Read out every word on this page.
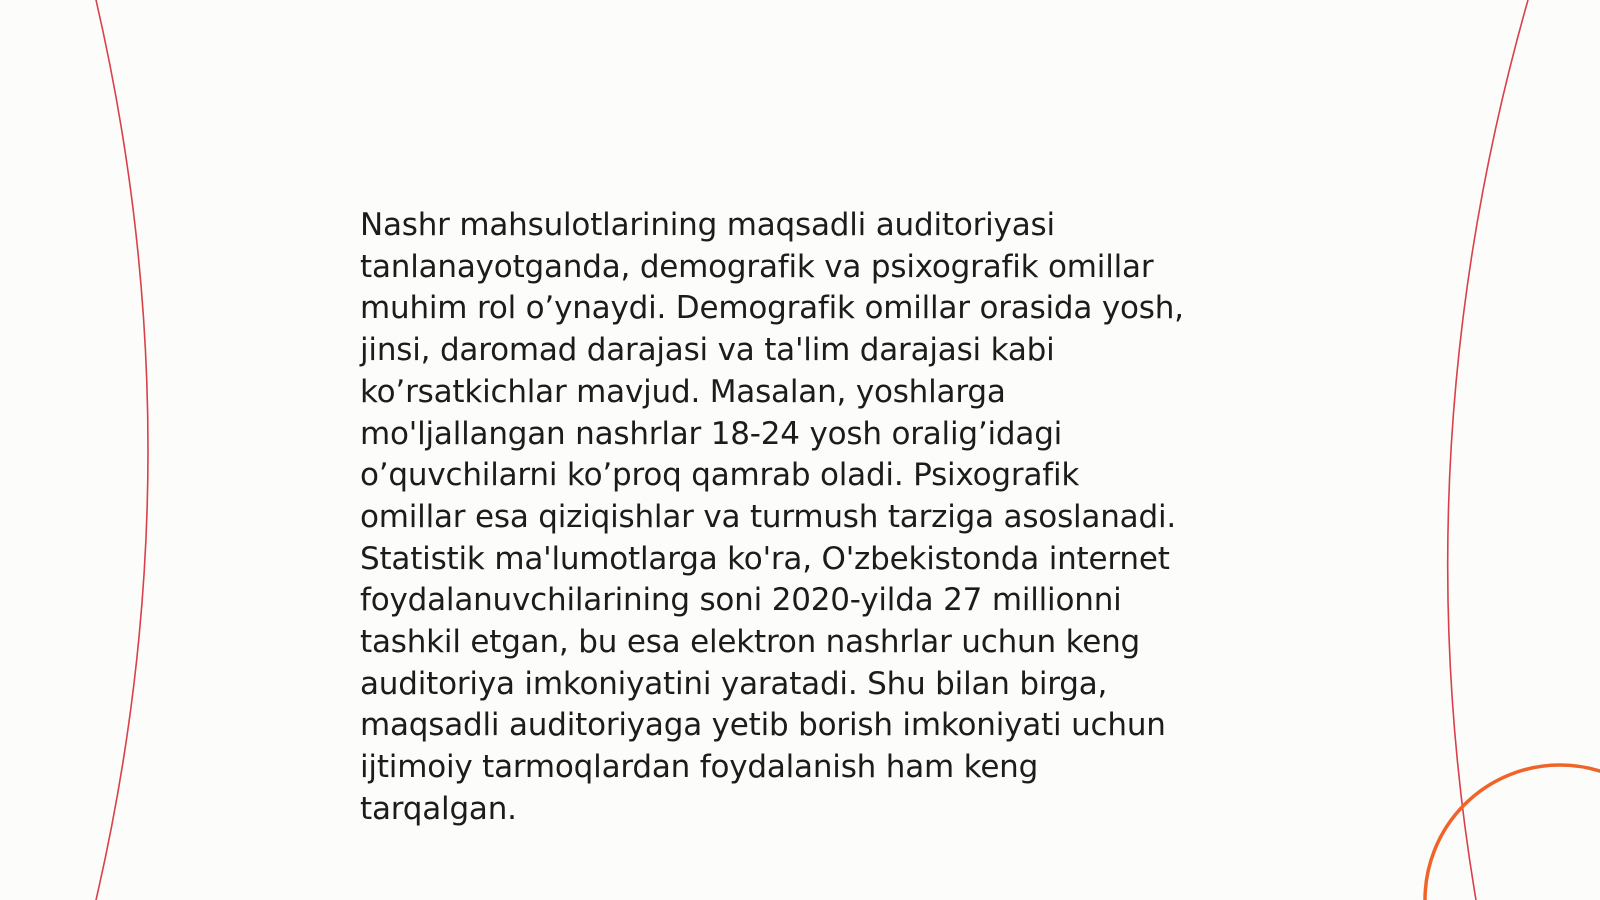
Nashr mahsulotlarining maqsadli auditoriyasi
tanlanayotganda, demografik va psixografik omillar
muhim rol o’ynaydi. Demografik omillar orasida yosh,
jinsi, daromad darajasi va ta'lim darajasi kabi
ko’rsatkichlar mavjud. Masalan, yoshlarga
mo'ljallangan nashrlar 18-24 yosh oralig’idagi
o’quvchilarni ko’proq qamrab oladi. Psixografik
omillar esa qiziqishlar va turmush tarziga asoslanadi.
Statistik ma'lumotlarga ko'ra, O'zbekistonda internet
foydalanuvchilarining soni 2020-yilda 27 millionni
tashkil etgan, bu esa elektron nashrlar uchun keng
auditoriya imkoniyatini yaratadi. Shu bilan birga,
maqsadli auditoriyaga yetib borish imkoniyati uchun
ijtimoiy tarmoqlardan foydalanish ham keng
tarqalgan.
